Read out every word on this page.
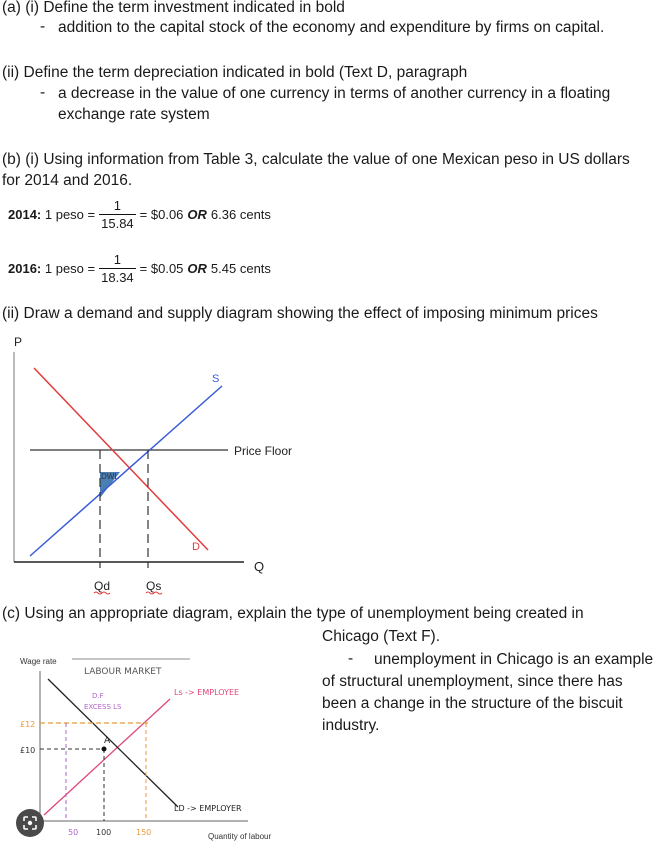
(a) (i) Define the term investment indicated in bold
- addition to the capital stock of the economy and expenditure by firms on capital.
(ii) Define the term depreciation indicated in bold (Text D, paragraph
- a decrease in the value of one currency in terms of another currency in a floating
exchange rate system
(b) (i) Using information from Table 3, calculate the value of one Mexican peso in US dollars
for 2014 and 2016.
2014:
1 peso = $\frac{1}{15.84}$ = $0.06 OR 6.36 cents
2016:
1 peso = $\frac{1}{18.34}$ = $0.05 OR 5.45 cents
(ii) Draw a demand and supply diagram showing the effect of imposing minimum prices
P
Q
DWL
Price Floor
D
S
Qd	Qs
(c) Using an appropriate diagram, explain the type of unemployment being created in
Chicago (Text F).
- unemployment in Chicago is an example
of structural unemployment, since there has
been a change in the structure of the biscuit
industry.
Wage rate
Quantity of labour
LABOUR MARKET
Ls -> EMPLOYEE
LD -> EMPLOYER
£12
£10
50 100	150
A
D.F
EXCESS LS
